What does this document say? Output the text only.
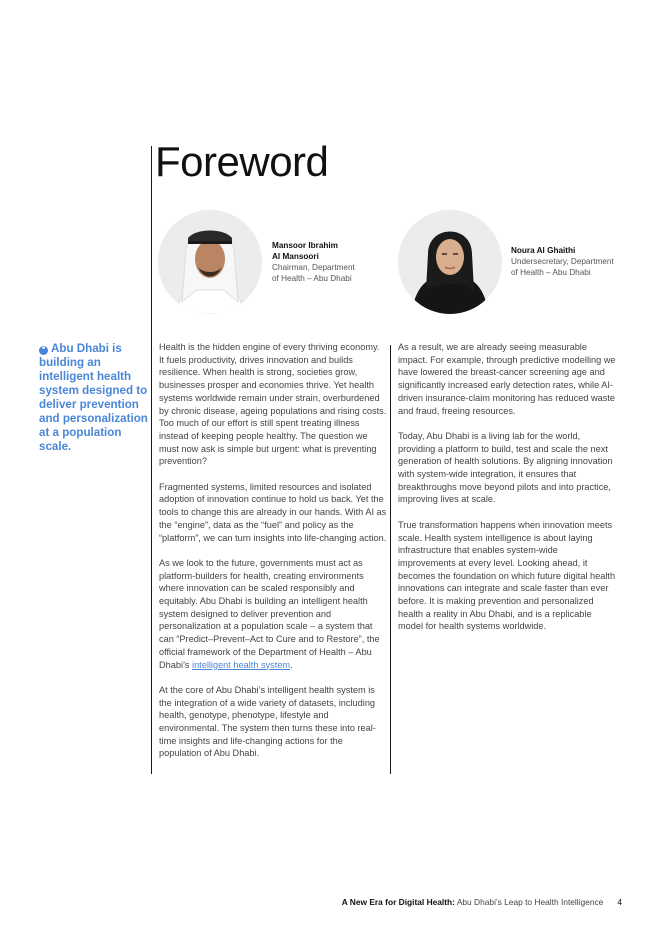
Foreword
Mansoor Ibrahim
Al Mansoori
Chairman, Department
of Health – Abu Dhabi
Noura Al Ghaithi
Undersecretary, Department
of Health – Abu Dhabi
❝ Abu Dhabi is building an intelligent health system designed to deliver prevention and personalization at a population scale.

Health is the hidden engine of every thriving economy. It fuels productivity, drives innovation and builds resilience. When health is strong, societies grow, businesses prosper and economies thrive. Yet health systems worldwide remain under strain, overburdened by chronic disease, ageing populations and rising costs. Too much of our effort is still spent treating illness instead of keeping people healthy. The question we must now ask is simple but urgent: what is preventing prevention?

Fragmented systems, limited resources and isolated adoption of innovation continue to hold us back. Yet the tools to change this are already in our hands. With AI as the “engine”, data as the “fuel” and policy as the “platform”, we can turn insights into life-changing action.

As we look to the future, governments must act as platform-builders for health, creating environments where innovation can be scaled responsibly and equitably. Abu Dhabi is building an intelligent health system designed to deliver prevention and personalization at a population scale – a system that can “Predict–Prevent–Act to Cure and to Restore”, the official framework of the Department of Health – Abu Dhabi’s intelligent health system.

At the core of Abu Dhabi’s intelligent health system is the integration of a wide variety of datasets, including health, genotype, phenotype, lifestyle and environmental. The system then turns these into real-time insights and life-changing actions for the population of Abu Dhabi.

As a result, we are already seeing measurable impact. For example, through predictive modelling we have lowered the breast-cancer screening age and significantly increased early detection rates, while AI-driven insurance-claim monitoring has reduced waste and fraud, freeing resources.

Today, Abu Dhabi is a living lab for the world, providing a platform to build, test and scale the next generation of health solutions. By aligning innovation with system-wide integration, it ensures that breakthroughs move beyond pilots and into practice, improving lives at scale.

True transformation happens when innovation meets scale. Health system intelligence is about laying infrastructure that enables system-wide improvements at every level. Looking ahead, it becomes the foundation on which future digital health innovations can integrate and scale faster than ever before. It is making prevention and personalized health a reality in Abu Dhabi, and is a replicable model for health systems worldwide.

A New Era for Digital Health: Abu Dhabi’s Leap to Health Intelligence 4
